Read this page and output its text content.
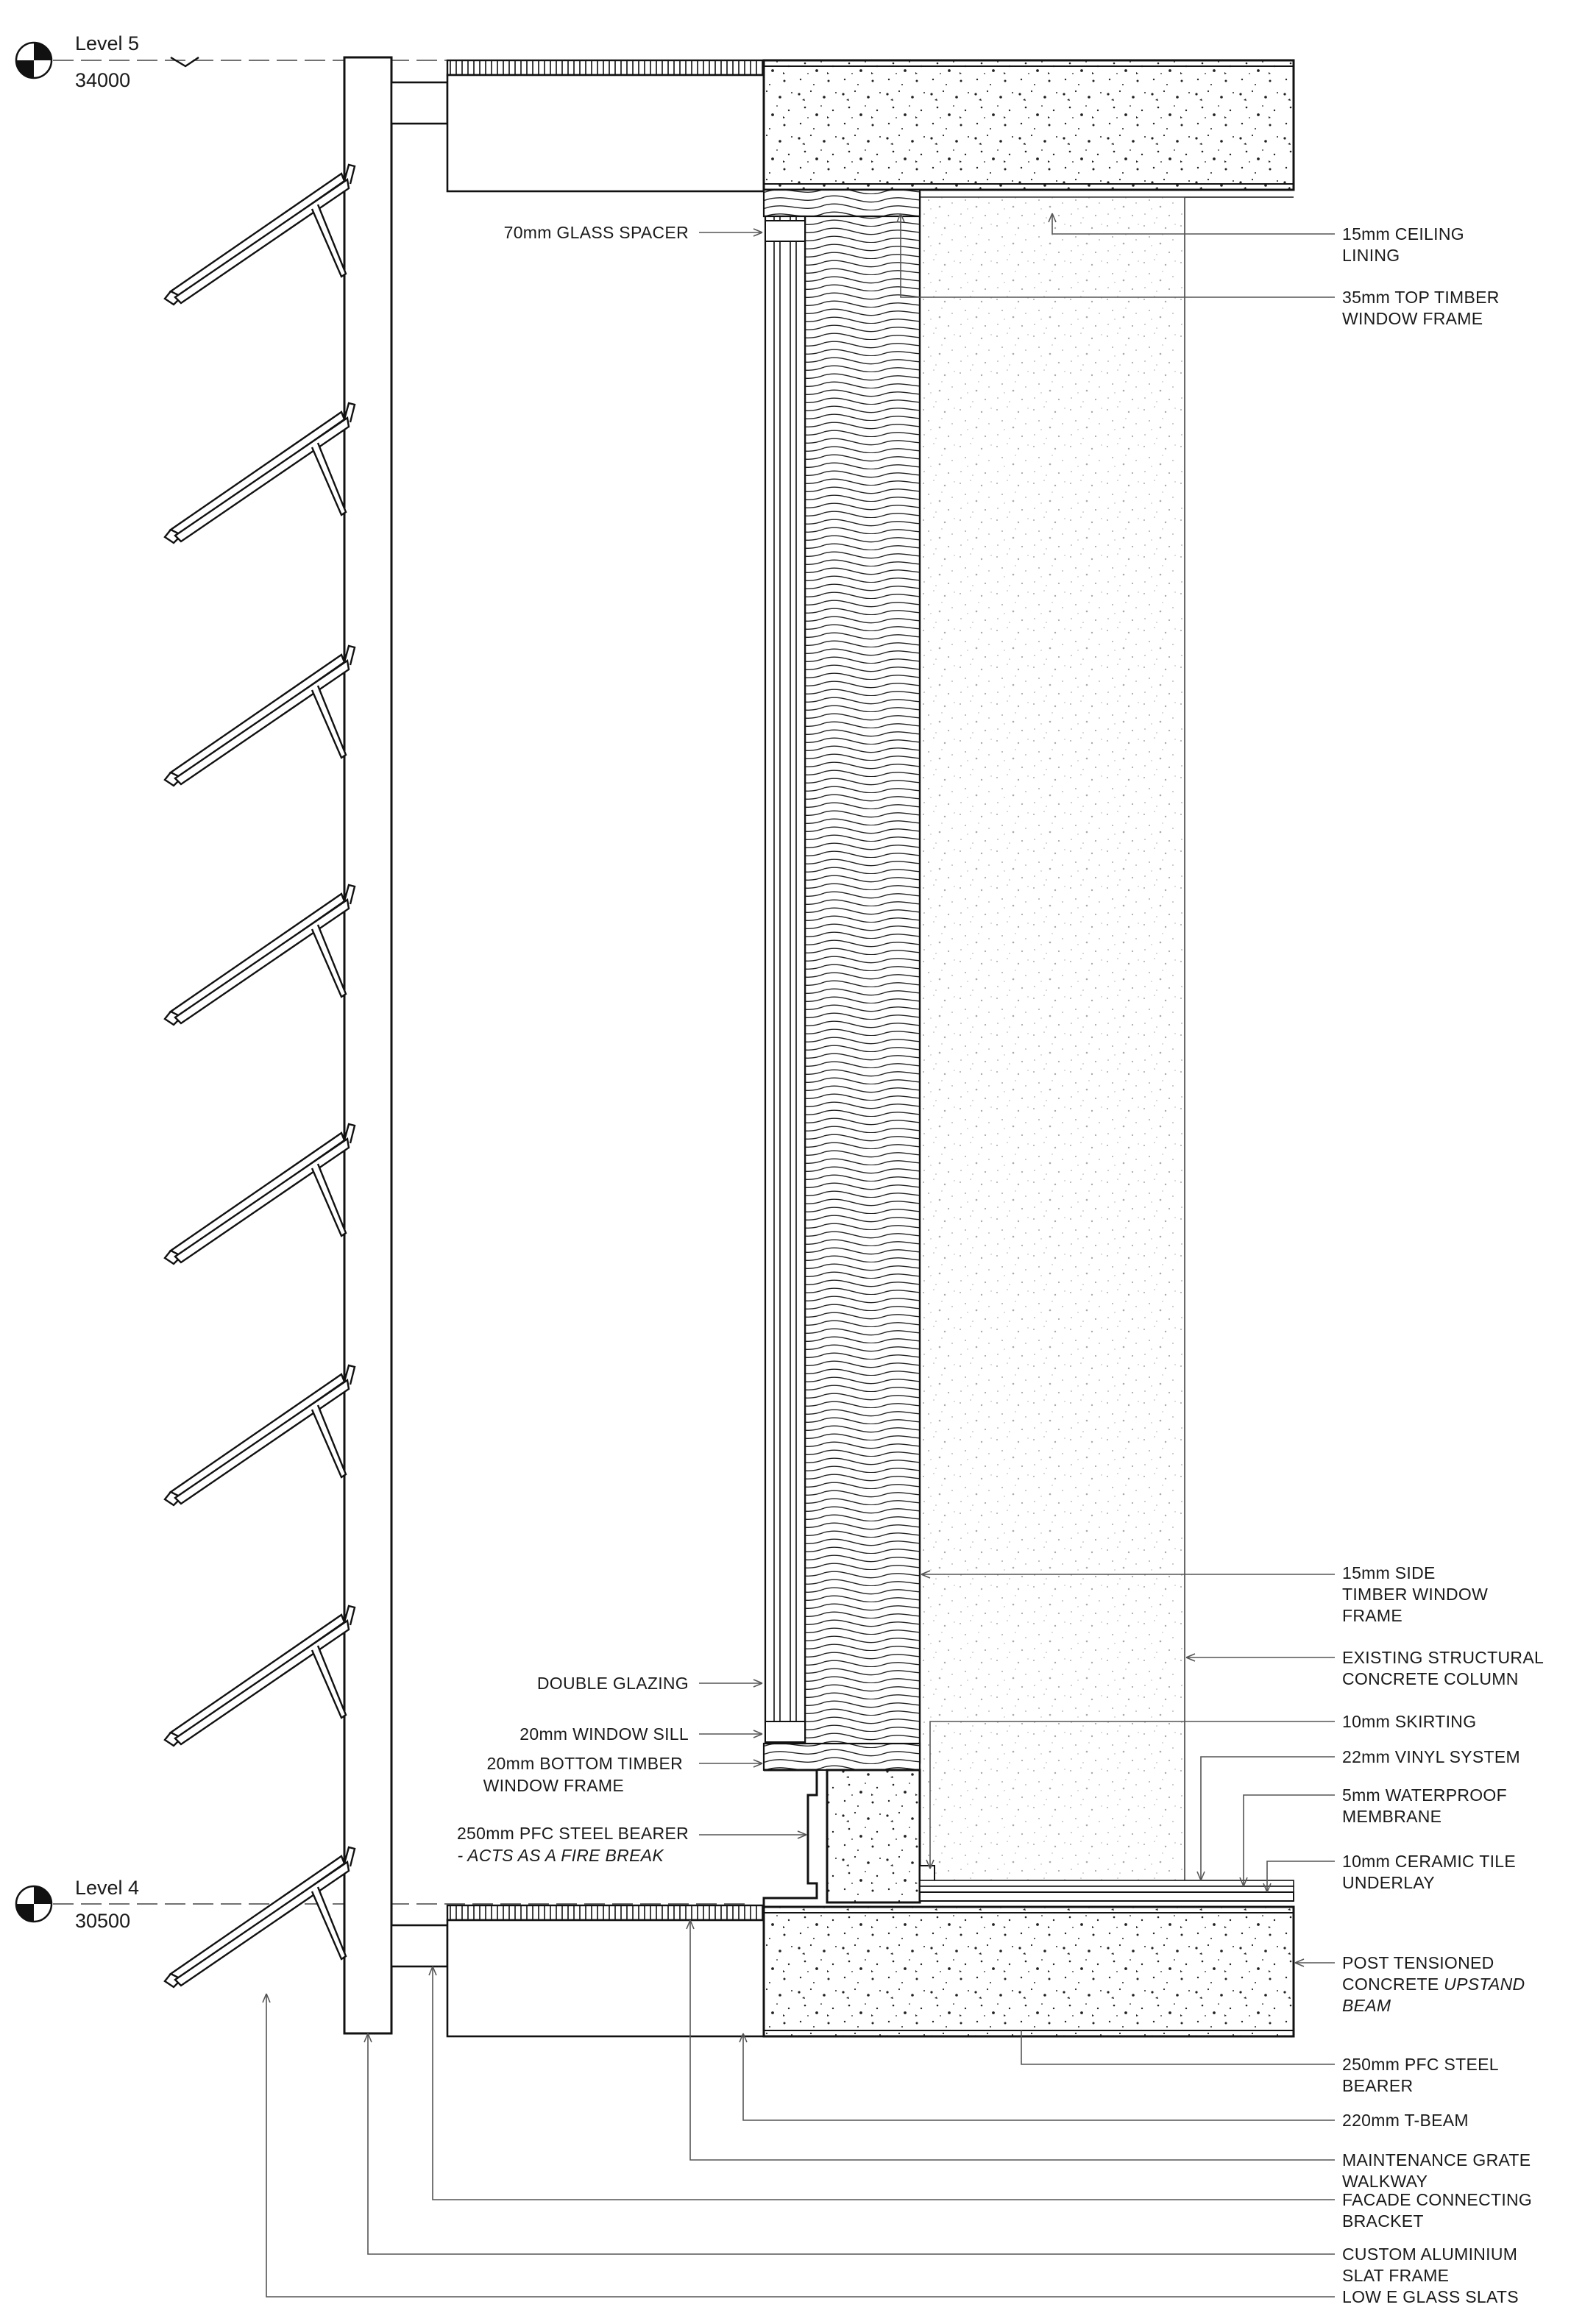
Level 5
34000
Level 4
30500
70mm GLASS SPACER
DOUBLE GLAZING
20mm WINDOW SILL
20mm BOTTOM TIMBER
WINDOW FRAME
250mm PFC STEEL BEARER
- ACTS AS A FIRE BREAK
15mm CEILING
LINING
35mm TOP TIMBER
WINDOW FRAME
15mm SIDE
TIMBER WINDOW
FRAME
EXISTING STRUCTURAL
CONCRETE COLUMN
10mm SKIRTING
22mm VINYL SYSTEM
5mm WATERPROOF
MEMBRANE
10mm CERAMIC TILE
UNDERLAY
POST TENSIONED
CONCRETE UPSTAND
BEAM
250mm PFC STEEL
BEARER
220mm T-BEAM
MAINTENANCE GRATE
WALKWAY
FACADE CONNECTING
BRACKET
CUSTOM ALUMINIUM
SLAT FRAME
LOW E GLASS SLATS
